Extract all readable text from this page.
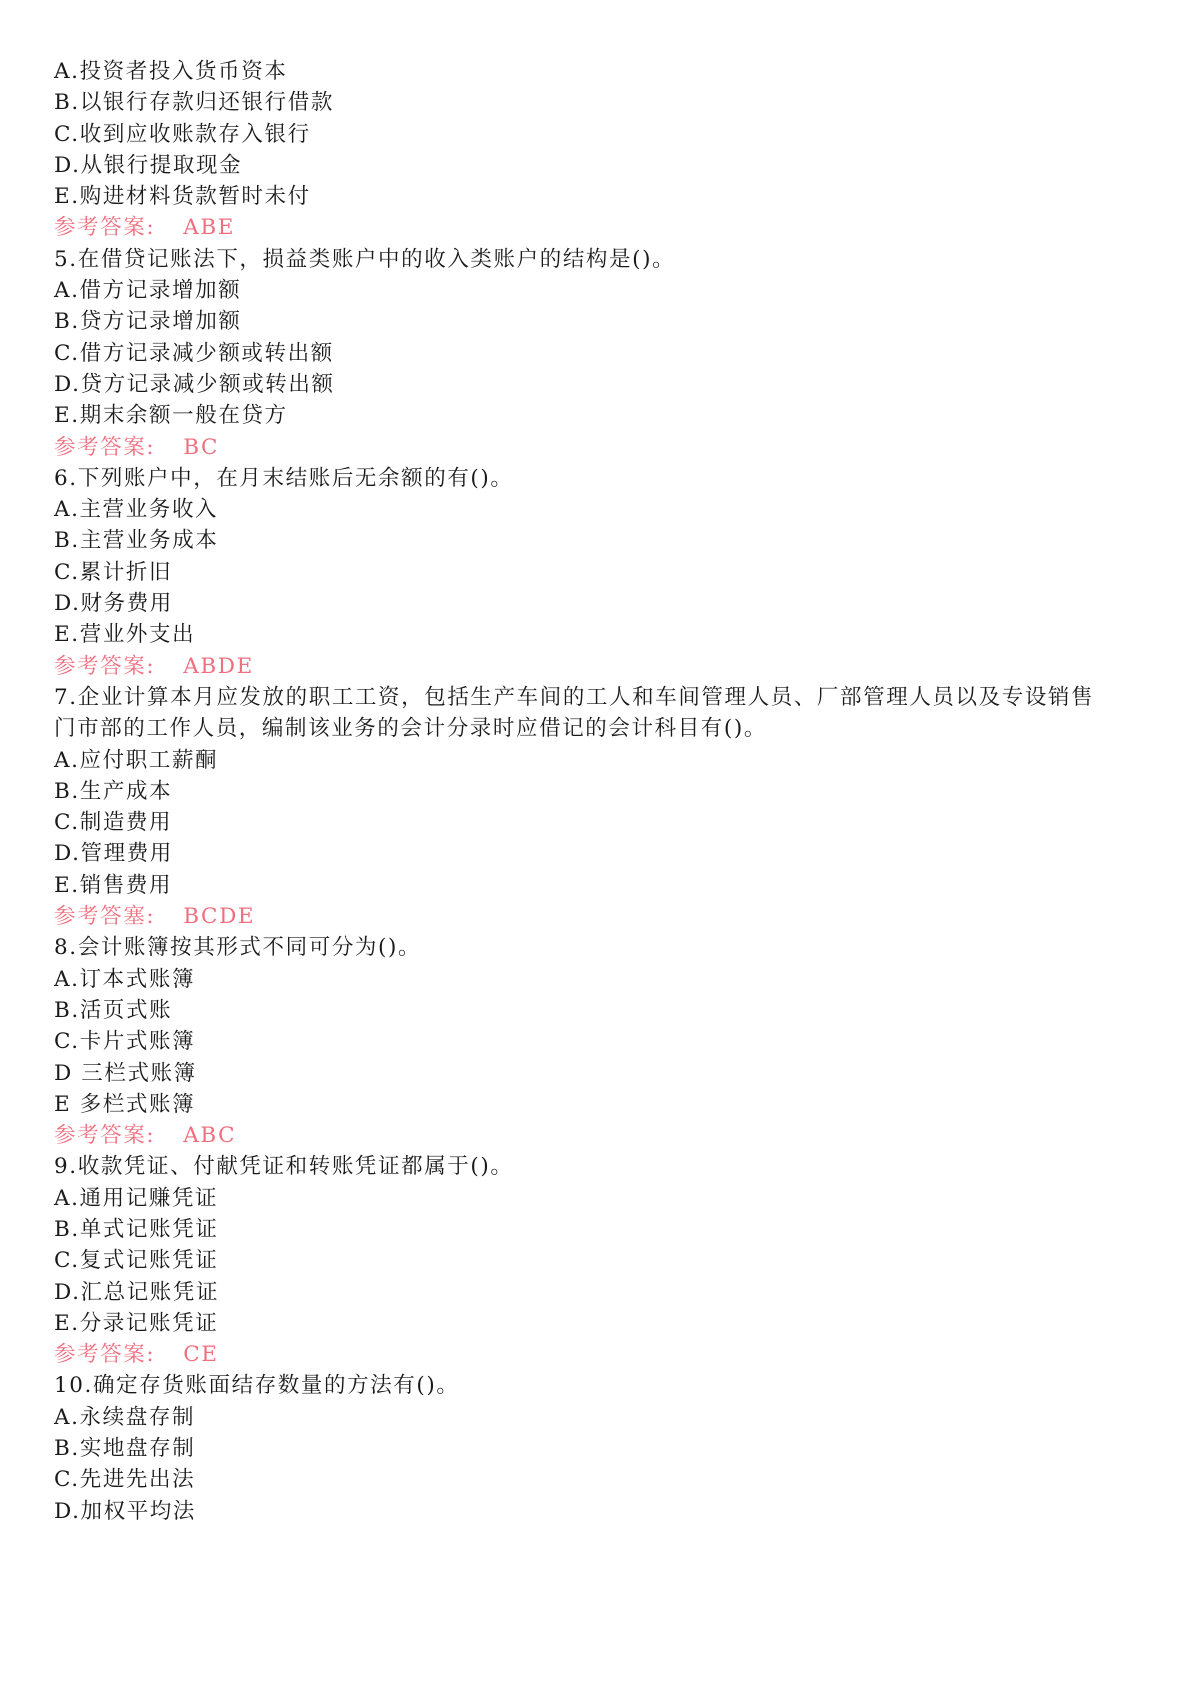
A.投资者投入货币资本

B.以银行存款归还银行借款

C.收到应收账款存入银行

D.从银行提取现金

E.购进材料货款暂时未付

参考答案: ABE

5.在借贷记账法下，损益类账户中的收入类账户的结构是()。

A.借方记录增加额

B.贷方记录增加额

C.借方记录减少额或转出额

D.贷方记录减少额或转出额

E.期末余额一般在贷方

参考答案: BC

6.下列账户中，在月末结账后无余额的有()。

A.主营业务收入

B.主营业务成本

C.累计折旧

D.财务费用

E.营业外支出

参考答案: ABDE

7.企业计算本月应发放的职工工资，包括生产车间的工人和车间管理人员、厂部管理人员以及专设销售

门市部的工作人员，编制该业务的会计分录时应借记的会计科目有()。

A.应付职工薪酮

B.生产成本

C.制造费用

D.管理费用

E.销售费用

参考答塞: BCDE

8.会计账簿按其形式不同可分为()。

A.订本式账簿

B.活页式账

C.卡片式账簿

D 三栏式账簿

E 多栏式账簿

参考答案: ABC

9.收款凭证、付献凭证和转账凭证都属于()。

A.通用记赚凭证

B.单式记账凭证

C.复式记账凭证

D.汇总记账凭证

E.分录记账凭证

参考答案: CE

10.确定存货账面结存数量的方法有()。

A.永续盘存制

B.实地盘存制

C.先进先出法

D.加权平均法
